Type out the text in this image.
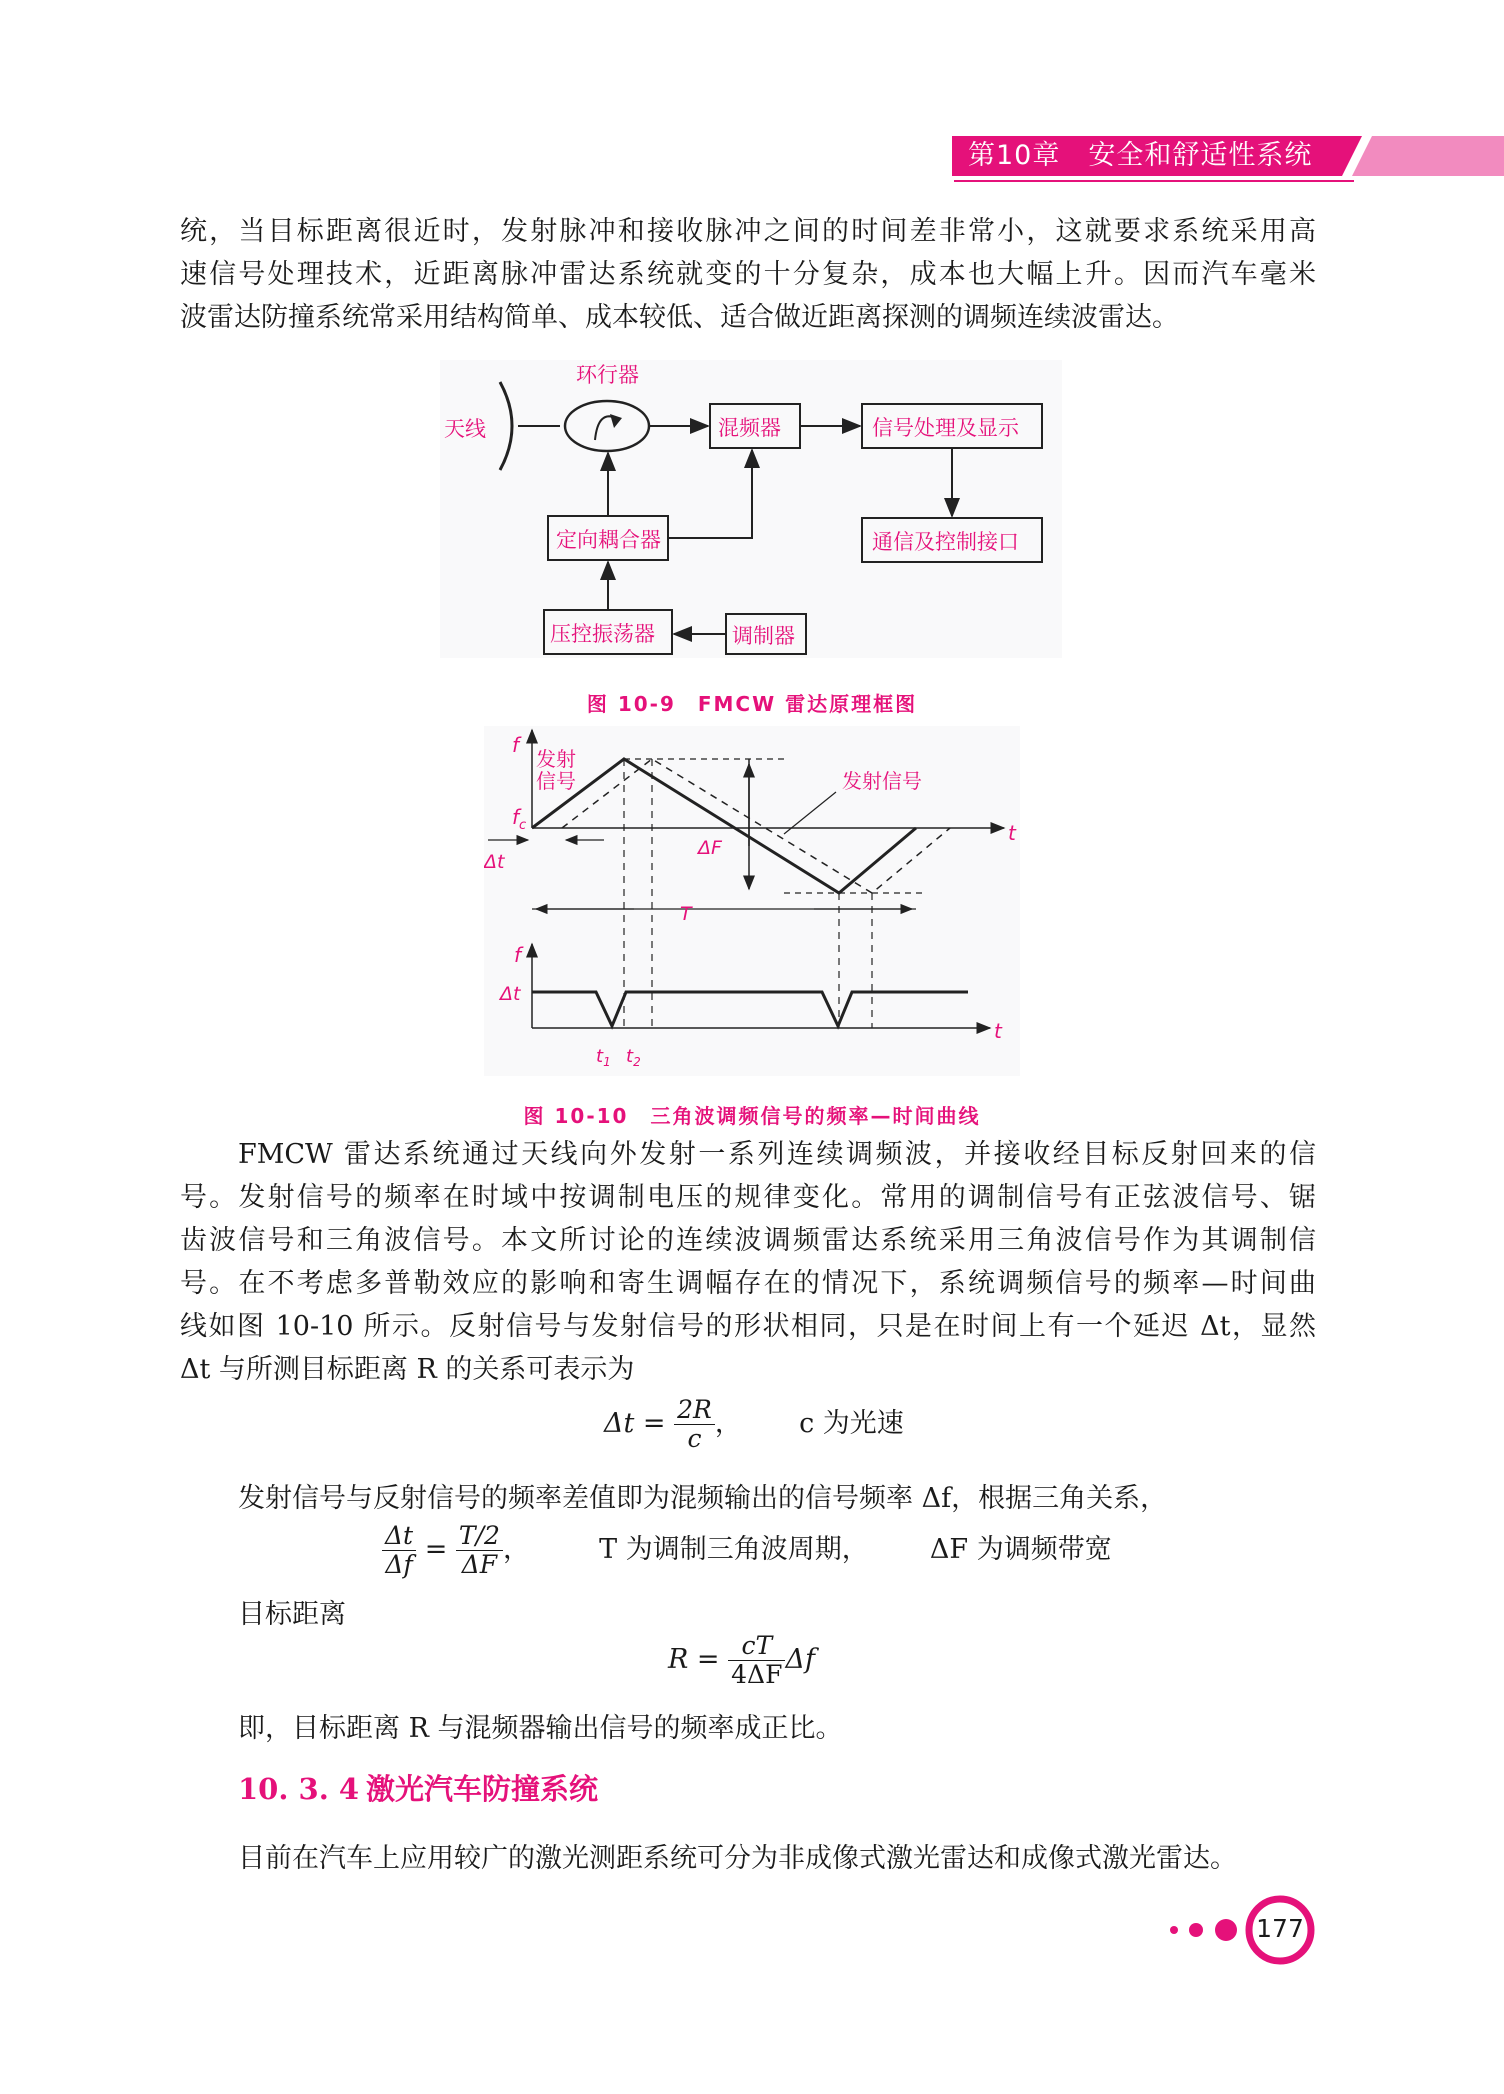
第10章 安全和舒适性系统
统，当目标距离很近时，发射脉冲和接收脉冲之间的时间差非常小，这就要求系统采用高
速信号处理技术，近距离脉冲雷达系统就变的十分复杂，成本也大幅上升。因而汽车毫米
波雷达防撞系统常采用结构简单、成本较低、适合做近距离探测的调频连续波雷达。
天线
环行器
混频器	信号处理及显示
通信及控制接口
定向耦合器
压控振荡器	调制器
图 10-9　FMCW 雷达原理框图
f
t
$f_c$
发射
信号	发射信号
Δt
ΔF
T
f
Δt
t
$t_1$ $t_2$
图 10-10　三角波调频信号的频率—时间曲线
FMCW 雷达系统通过天线向外发射一系列连续调频波，并接收经目标反射回来的信
号。发射信号的频率在时域中按调制电压的规律变化。常用的调制信号有正弦波信号、锯
齿波信号和三角波信号。本文所讨论的连续波调频雷达系统采用三角波信号作为其调制信
号。在不考虑多普勒效应的影响和寄生调幅存在的情况下，系统调频信号的频率—时间曲
线如图 10-10 所示。反射信号与发射信号的形状相同，只是在时间上有一个延迟 Δt，显然
Δt 与所测目标距离 R 的关系可表示为
$\Delta t = \frac{2R}{c}$ ， c 为光速
发射信号与反射信号的频率差值即为混频输出的信号频率 Δf，根据三角关系，
$\frac{\Delta t}{\Delta f} = \frac{T/2}{\Delta F}$ ，	T 为调制三角波周期， ΔF 为调频带宽
目标距离
$R = \frac{cT}{4\Delta F}$ Δf
即，目标距离 R 与混频器输出信号的频率成正比。
10. 3. 4 激光汽车防撞系统
目前在汽车上应用较广的激光测距系统可分为非成像式激光雷达和成像式激光雷达。
177
